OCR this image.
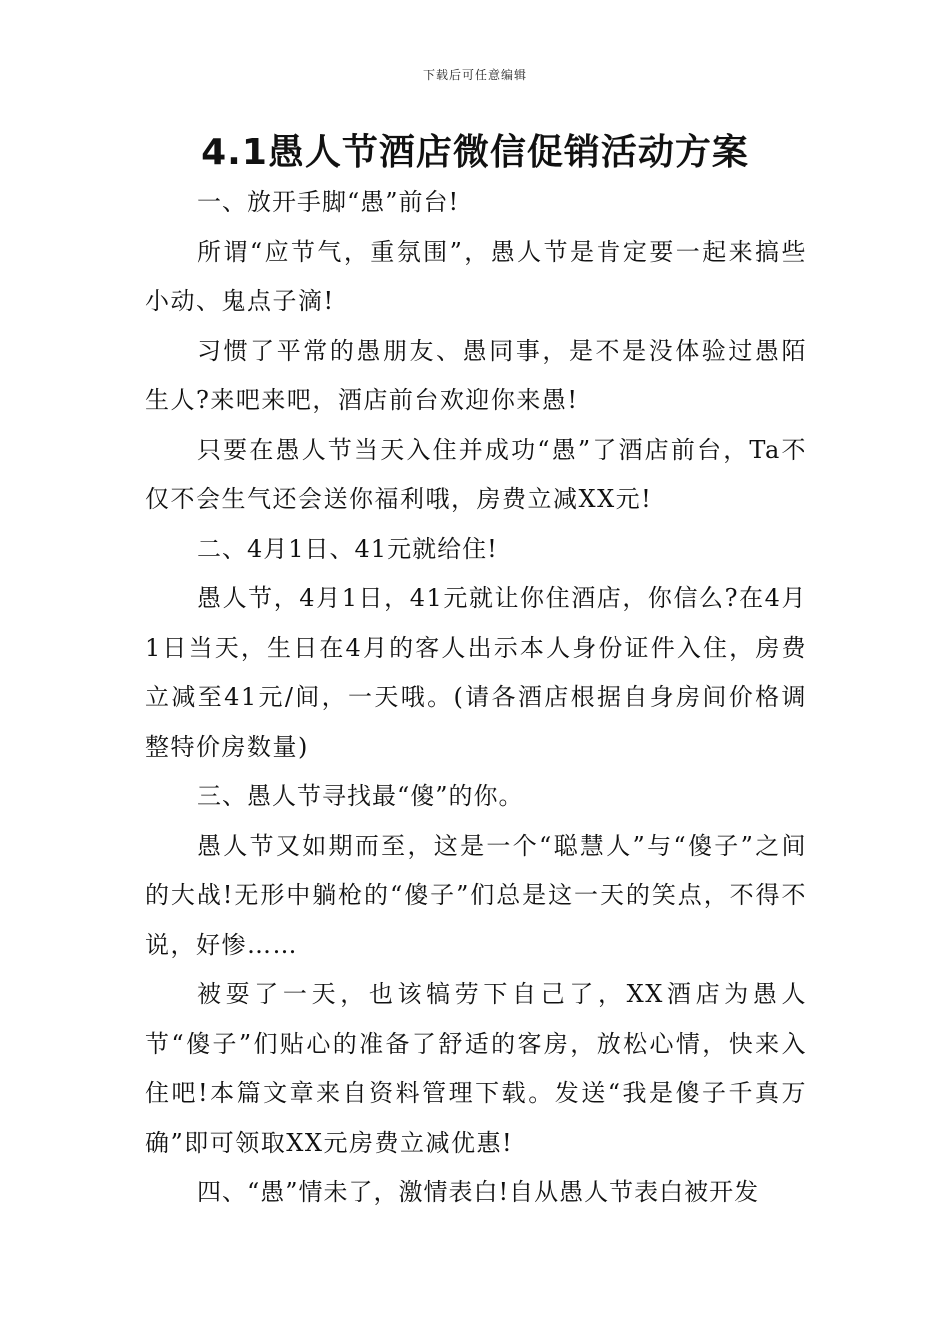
下载后可任意编辑
4.1愚人节酒店微信促销活动方案

一、放开手脚“愚”前台!

所谓“应节气，重氛围”，愚人节是肯定要一起来搞些小动、鬼点子滴!

习惯了平常的愚朋友、愚同事，是不是没体验过愚陌生人?来吧来吧，酒店前台欢迎你来愚!

只要在愚人节当天入住并成功“愚”了酒店前台，Ta不仅不会生气还会送你福利哦，房费立减XX元!

二、4月1日、41元就给住!

愚人节，4月1日，41元就让你住酒店，你信么?在4月1日当天，生日在4月的客人出示本人身份证件入住，房费立减至41元/间，一天哦。(请各酒店根据自身房间价格调整特价房数量)

三、愚人节寻找最“傻”的你。

愚人节又如期而至，这是一个“聪慧人”与“傻子”之间的大战!无形中躺枪的“傻子”们总是这一天的笑点，不得不说，好惨……

被耍了一天，也该犒劳下自己了，XX酒店为愚人节“傻子”们贴心的准备了舒适的客房，放松心情，快来入住吧!本篇文章来自资料管理下载。发送“我是傻子千真万确”即可领取XX元房费立减优惠!

四、“愚”情未了，激情表白!自从愚人节表白被开发
